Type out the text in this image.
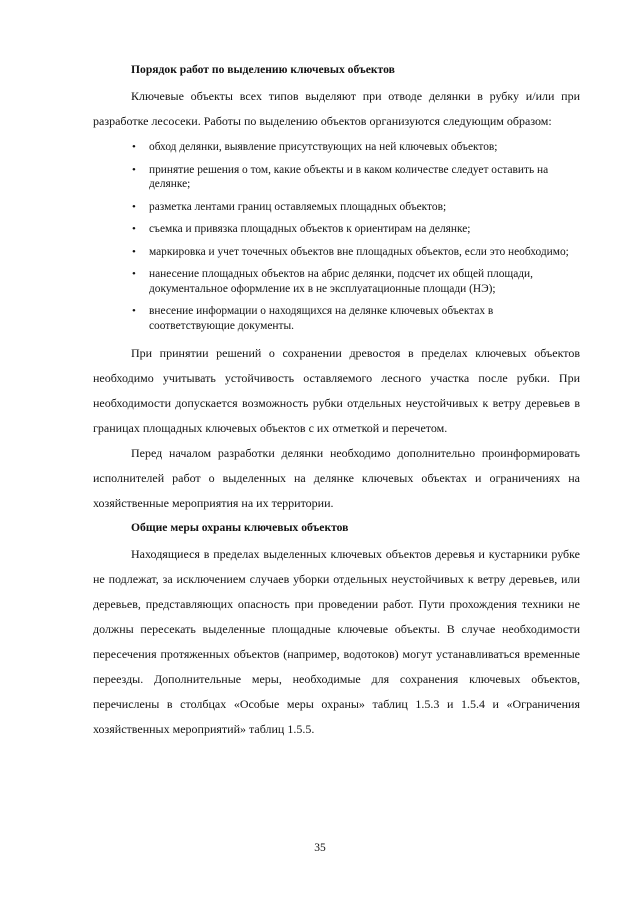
Порядок работ по выделению ключевых объектов

Ключевые объекты всех типов выделяют при отводе делянки в рубку и/или при разработке лесосеки. Работы по выделению объектов организуются следующим образом:

• обход делянки, выявление присутствующих на ней ключевых объектов;
• принятие решения о том, какие объекты и в каком количестве следует оставить на делянке;
• разметка лентами границ оставляемых площадных объектов;
• съемка и привязка площадных объектов к ориентирам на делянке;
• маркировка и учет точечных объектов вне площадных объектов, если это необходимо;
• нанесение площадных объектов на абрис делянки, подсчет их общей площади, документальное оформление их в не эксплуатационные площади (НЭ);
• внесение информации о находящихся на делянке ключевых объектах в соответствующие документы.

При принятии решений о сохранении древостоя в пределах ключевых объектов необходимо учитывать устойчивость оставляемого лесного участка после рубки. При необходимости допускается возможность рубки отдельных неустойчивых к ветру деревьев в границах площадных ключевых объектов с их отметкой и перечетом.

Перед началом разработки делянки необходимо дополнительно проинформировать исполнителей работ о выделенных на делянке ключевых объектах и ограничениях на хозяйственные мероприятия на их территории.

Общие меры охраны ключевых объектов

Находящиеся в пределах выделенных ключевых объектов деревья и кустарники рубке не подлежат, за исключением случаев уборки отдельных неустойчивых к ветру деревьев, или деревьев, представляющих опасность при проведении работ. Пути прохождения техники не должны пересекать выделенные площадные ключевые объекты. В случае необходимости пересечения протяженных объектов (например, водотоков) могут устанавливаться временные переезды. Дополнительные меры, необходимые для сохранения ключевых объектов, перечислены в столбцах «Особые меры охраны» таблиц 1.5.3 и 1.5.4 и «Ограничения хозяйственных мероприятий» таблиц 1.5.5.

35
